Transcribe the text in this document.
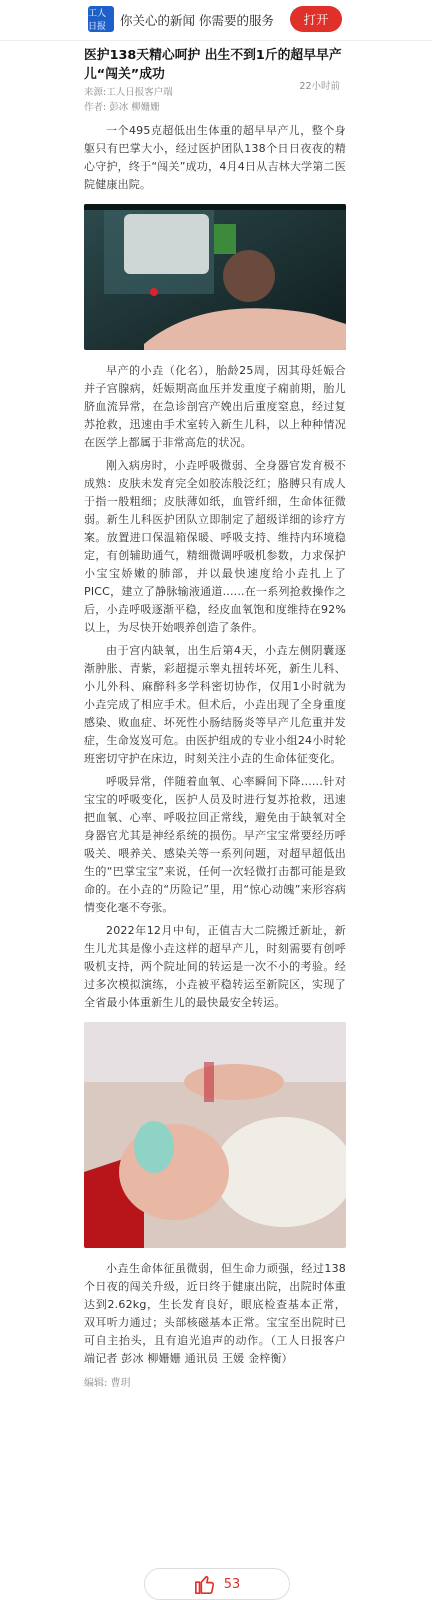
工人日报	你关心的新闻 你需要的服务	打开
医护138天精心呵护 出生不到1斤的超早早产儿“闯关”成功
来源:工人日报客户端
22小时前
作者: 彭冰 柳姗姗

一个495克超低出生体重的超早早产儿，整个身躯只有巴掌大小，经过医护团队138个日日夜夜的精心守护，终于“闯关”成功，4月4日从吉林大学第二医院健康出院。

早产的小垚（化名），胎龄25周，因其母妊娠合并子宫腺病，妊娠期高血压并发重度子痫前期，胎儿脐血流异常，在急诊剖宫产娩出后重度窒息，经过复苏抢救，迅速由手术室转入新生儿科，以上种种情况在医学上都属于非常高危的状况。

刚入病房时，小垚呼吸微弱、全身器官发育极不成熟：皮肤未发育完全如胶冻般泛红；胳膊只有成人于指一般粗细；皮肤薄如纸，血管纤细，生命体征微弱。新生儿科医护团队立即制定了超级详细的诊疗方案。放置进口保温箱保暖、呼吸支持、维持内环境稳定，有创辅助通气，精细微调呼吸机参数，力求保护小宝宝娇嫩的肺部，并以最快速度给小垚扎上了PICC，建立了静脉输液通道......在一系列抢救操作之后，小垚呼吸逐渐平稳，经皮血氧饱和度维持在92%以上，为尽快开始喂养创造了条件。

由于宫内缺氧，出生后第4天，小垚左侧阴囊逐渐肿胀、青紫，彩超提示睾丸扭转坏死，新生儿科、小儿外科、麻醉科多学科密切协作，仅用1小时就为小垚完成了相应手术。但术后，小垚出现了全身重度感染、败血症、坏死性小肠结肠炎等早产儿危重并发症，生命岌岌可危。由医护组成的专业小组24小时轮班密切守护在床边，时刻关注小垚的生命体征变化。

呼吸异常，伴随着血氧、心率瞬间下降......针对宝宝的呼吸变化，医护人员及时进行复苏抢救，迅速把血氧、心率、呼吸拉回正常线，避免由于缺氧对全身器官尤其是神经系统的损伤。早产宝宝常要经历呼吸关、喂养关、感染关等一系列问题，对超早超低出生的“巴掌宝宝”来说，任何一次轻微打击都可能是致命的。在小垚的“历险记”里，用“惊心动魄”来形容病情变化毫不夸张。

2022年12月中旬，正值吉大二院搬迁新址，新生儿尤其是像小垚这样的超早产儿，时刻需要有创呼吸机支持，两个院址间的转运是一次不小的考验。经过多次模拟演练，小垚被平稳转运至新院区，实现了全省最小体重新生儿的最快最安全转运。

小垚生命体征虽微弱，但生命力顽强，经过138个日夜的闯关升级，近日终于健康出院，出院时体重达到2.62kg，生长发育良好，眼底检查基本正常，双耳听力通过；头部核磁基本正常。宝宝至出院时已可自主抬头，且有追光追声的动作。（工人日报客户端记者 彭冰 柳姗姗 通讯员 王媛 金梓衡）

编辑: 曹玥
53
